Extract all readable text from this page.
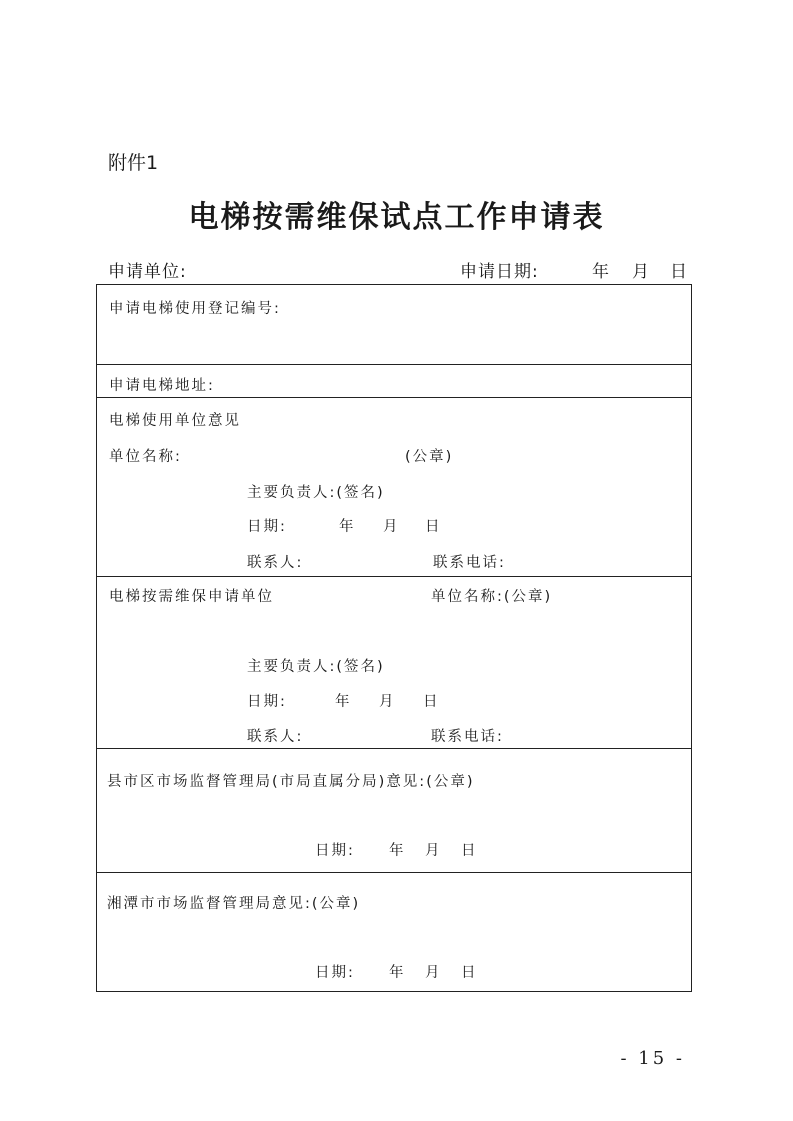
附件1
电梯按需维保试点工作申请表
申请单位:	申请日期:	年 月 日
申请电梯使用登记编号:
申请电梯地址:
电梯使用单位意见
单位名称:	(公章)
主要负责人:(签名)
日期:	年 月 日
联系人:	联系电话:
电梯按需维保申请单位	单位名称:(公章)
主要负责人:(签名)
日期:	年 月 日
联系人:	联系电话:
县市区市场监督管理局(市局直属分局)意见:(公章)
日期: 年 月 日
湘潭市市场监督管理局意见:(公章)
日期: 年 月 日
- 15 -
